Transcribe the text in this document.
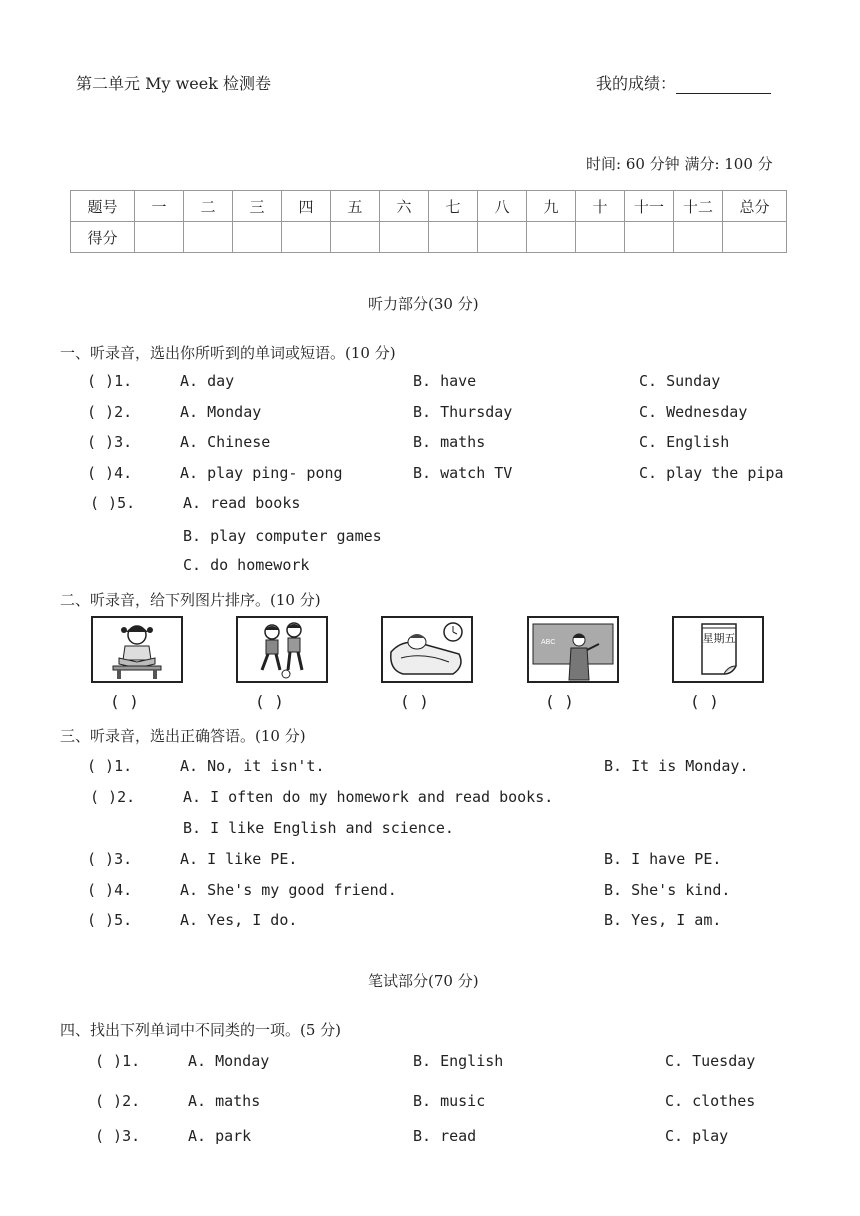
第二单元 My week 检测卷	我的成绩：
时间: 60 分钟 满分: 100 分
题号	一	二	三	四	五	六	七	八	九	十	十一	十二	总分
得分													
听力部分(30 分)
一、听录音，选出你所听到的单词或短语。(10 分)
( )1.	A. day	B. have	C. Sunday
( )2.	A. Monday	B. Thursday	C. Wednesday
( )3.	A. Chinese	B. maths	C. English
( )4.	A. play ping- pong	B. watch TV	C. play the pipa
( )5.	A. read books
B. play computer games
C. do homework
二、听录音，给下列图片排序。(10 分)
ABC	星期五
( )	( )	( )	( )	( )
三、听录音，选出正确答语。(10 分)
( )1.	A. No, it isn't.	B. It is Monday.
( )2.	A. I often do my homework and read books.
B. I like English and science.
( )3.	A. I like PE.	B. I have PE.
( )4.	A. She's my good friend.	B. She's kind.
( )5.	A. Yes, I do.	B. Yes, I am.
笔试部分(70 分)
四、找出下列单词中不同类的一项。(5 分)
( )1.	A. Monday	B. English	C. Tuesday
( )2.	A. maths	B. music	C. clothes
( )3.	A. park	B. read	C. play
